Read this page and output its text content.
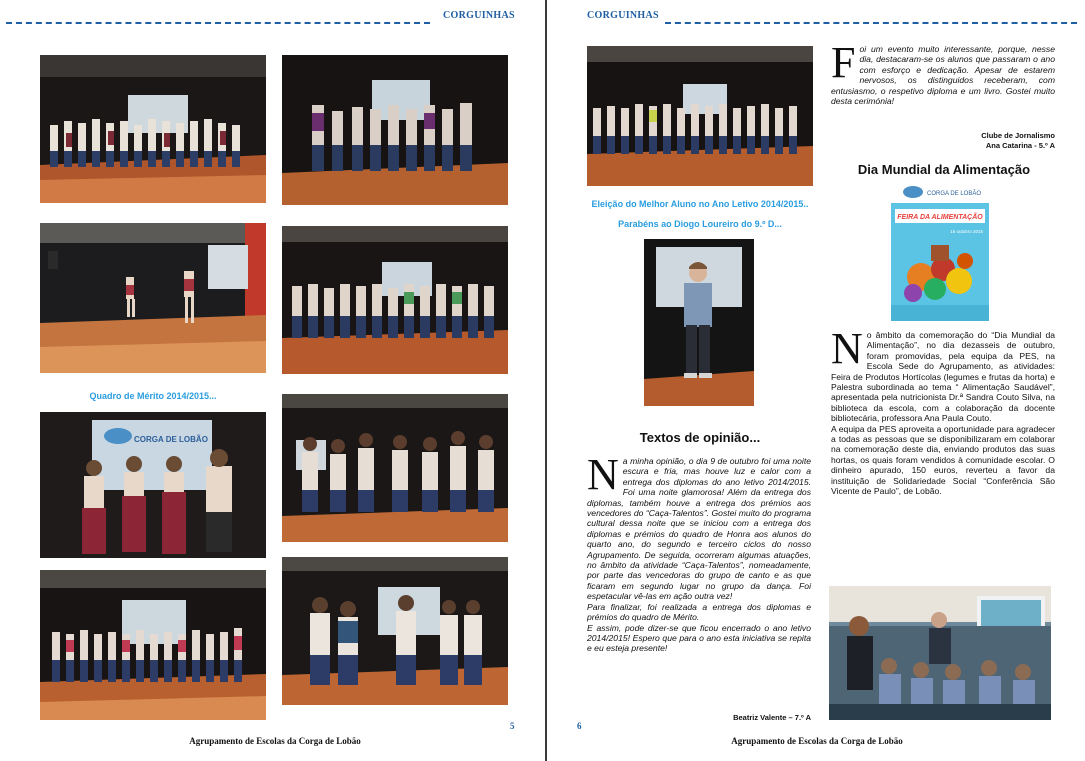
CORGUINHAS
Quadro de Mérito 2014/2015...
CORGA DE LOBÃO
5
Agrupamento de Escolas da Corga de Lobão
CORGUINHAS
Eleição do Melhor Aluno no Ano Letivo 2014/2015..
Parabéns ao Diogo Loureiro do 9.º D...
Textos de opinião...
N a minha opinião, o dia 9 de outubro foi uma noite escura e fria, mas houve luz e calor com a entrega dos diplomas do ano letivo 2014/2015. Foi uma noite glamorosa! Além da entrega dos diplomas, também houve a entrega dos prémios aos vencedores do “Caça-Talentos”. Gostei muito do programa cultural dessa noite que se iniciou com a entrega dos diplomas e prémios do quadro de Honra aos alunos do quarto ano, do segundo e terceiro ciclos do nosso Agrupamento. De seguida, ocorreram algumas atuações, no âmbito da atividade “Caça-Talentos”, nomeadamente, por parte das vencedoras do grupo de canto e as que ficaram em segundo lugar no grupo da dança. Foi espetacular vê-las em ação outra vez!
Para finalizar, foi realizada a entrega dos diplomas e prémios do quadro de Mérito.
E assim, pode dizer-se que ficou encerrado o ano letivo 2014/2015! Espero que para o ano esta iniciativa se repita e eu esteja presente!
Beatriz Valente – 7.º A
F oi um evento muito interessante, porque, nesse dia, destacaram-se os alunos que passaram o ano com esforço e dedicação. Apesar de estarem nervosos, os distinguidos receberam, com entusiasmo, o respetivo diploma e um livro. Gostei muito desta cerimónia!
Clube de Jornalismo
Ana Catarina - 5.º A
Dia Mundial da Alimentação
CORGA DE LOBÃO
FEIRA DA ALIMENTAÇÃO
16 outubro 2015
N o âmbito da comemoração do “Dia Mundial da Alimentação”, no dia dezasseis de outubro, foram promovidas, pela equipa da PES, na Escola Sede do Agrupamento, as atividades: Feira de Produtos Hortícolas (legumes e frutas da horta) e Palestra subordinada ao tema “ Alimentação Saudável”, apresentada pela nutricionista Dr.ª Sandra Couto Silva, na biblioteca da escola, com a colaboração da docente bibliotecária, professora Ana Paula Couto.
A equipa da PES aproveita a oportunidade para agradecer a todas as pessoas que se disponibilizaram em colaborar na comemoração deste dia, enviando produtos das suas hortas, os quais foram vendidos à comunidade escolar. O dinheiro apurado, 150 euros, reverteu a favor da instituição de Solidariedade Social “Conferência São Vicente de Paulo”, de Lobão.
6
Agrupamento de Escolas da Corga de Lobão
